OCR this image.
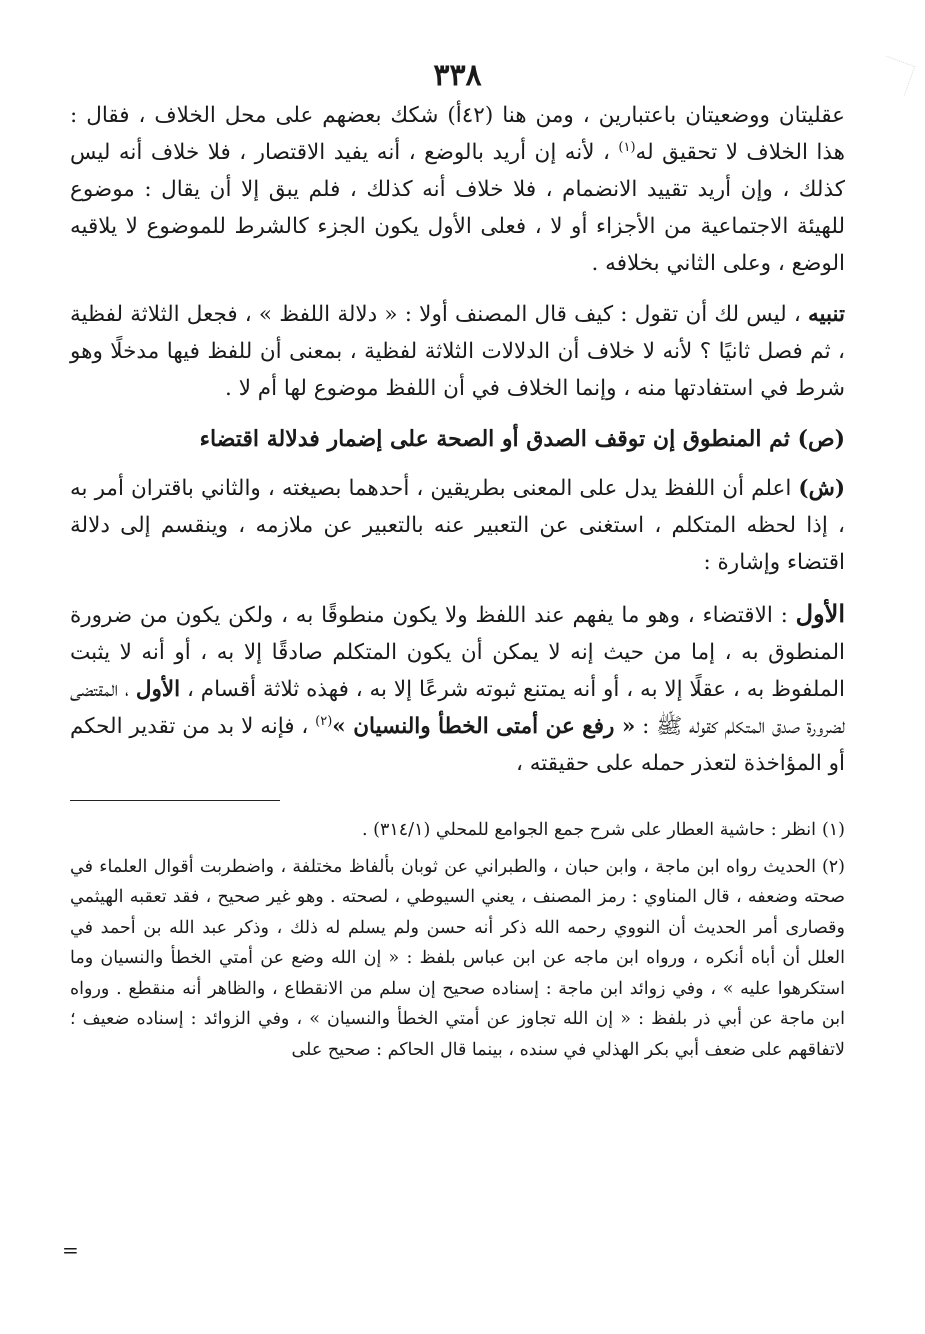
٣٣٨

عقليتان ووضعيتان باعتبارين ، ومن هنا (٤٢أ) شكك بعضهم على محل الخلاف ، فقال : هذا الخلاف لا تحقيق له$^{(١)}$ ، لأنه إن أريد بالوضع ، أنه يفيد الاقتصار ، فلا خلاف أنه ليس كذلك ، وإن أريد تقييد الانضمام ، فلا خلاف أنه كذلك ، فلم يبق إلا أن يقال : موضوع للهيئة الاجتماعية من الأجزاء أو لا ، فعلى الأول يكون الجزء كالشرط للموضوع لا يلاقيه الوضع ، وعلى الثاني بخلافه .

تنبيه ، ليس لك أن تقول : كيف قال المصنف أولا : « دلالة اللفظ » ، فجعل الثلاثة لفظية ، ثم فصل ثانيًا ؟ لأنه لا خلاف أن الدلالات الثلاثة لفظية ، بمعنى أن للفظ فيها مدخلًا وهو شرط في استفادتها منه ، وإنما الخلاف في أن اللفظ موضوع لها أم لا .

(ص) ثم المنطوق إن توقف الصدق أو الصحة على إضمار فدلالة اقتضاء

(ش) اعلم أن اللفظ يدل على المعنى بطريقين ، أحدهما بصيغته ، والثاني باقتران أمر به ، إذا لحظه المتكلم ، استغنى عن التعبير عنه بالتعبير عن ملازمه ، وينقسم إلى دلالة اقتضاء وإشارة :

الأول : الاقتضاء ، وهو ما يفهم عند اللفظ ولا يكون منطوقًا به ، ولكن يكون من ضرورة المنطوق به ، إما من حيث إنه لا يمكن أن يكون المتكلم صادقًا إلا به ، أو أنه لا يثبت الملفوظ به ، عقلًا إلا به ، أو أنه يمتنع ثبوته شرعًا إلا به ، فهذه ثلاثة أقسام ، الأول ، المقتضى لضرورة صدق المتكلم كقوله ﷺ : « رفع عن أمتى الخطأ والنسيان »$^{(٢)}$ ، فإنه لا بد من تقدير الحكم أو المؤاخذة لتعذر حمله على حقيقته ،

(١)انظر : حاشية العطار على شرح جمع الجوامع للمحلي (٣١٤/١) .

(٢)الحديث رواه ابن ماجة ، وابن حبان ، والطبراني عن ثوبان بألفاظ مختلفة ، واضطربت أقوال العلماء في صحته وضعفه ، قال المناوي : رمز المصنف ، يعني السيوطي ، لصحته . وهو غير صحيح ، فقد تعقبه الهيثمي وقصارى أمر الحديث أن النووي رحمه الله ذكر أنه حسن ولم يسلم له ذلك ، وذكر عبد الله بن أحمد في العلل أن أباه أنكره ، ورواه ابن ماجه عن ابن عباس بلفظ : « إن الله وضع عن أمتي الخطأ والنسيان وما استكرهوا عليه » ، وفي زوائد ابن ماجة : إسناده صحيح إن سلم من الانقطاع ، والظاهر أنه منقطع . ورواه ابن ماجة عن أبي ذر بلفظ : « إن الله تجاوز عن أمتي الخطأ والنسيان » ، وفي الزوائد : إسناده ضعيف ؛ لاتفاقهم على ضعف أبي بكر الهذلي في سنده ، بينما قال الحاكم : صحيح على

=
